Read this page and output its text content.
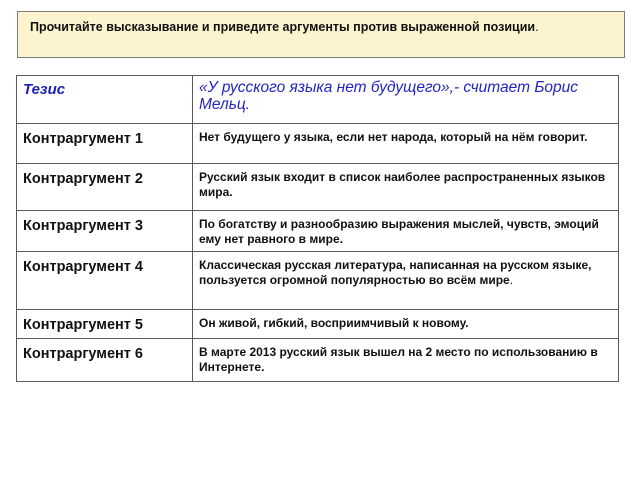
Прочитайте высказывание и приведите аргументы против выраженной позиции.
Тезис	«У русского языка нет будущего»,- считает Борис Мельц.
Контраргумент 1	Нет будущего у языка, если нет народа, который на нём говорит.
Контраргумент 2	Русский язык входит в список наиболее распространенных языков мира.
Контраргумент 3	По богатству и разнообразию выражения мыслей, чувств, эмоций ему нет равного в мире.
Контраргумент 4	Классическая русская литература, написанная на русском языке, пользуется огромной популярностью во всём мире.
Контраргумент 5	Он живой, гибкий, восприимчивый к новому.
Контраргумент 6	В марте 2013 русский язык вышел на 2 место по использованию в Интернете.
